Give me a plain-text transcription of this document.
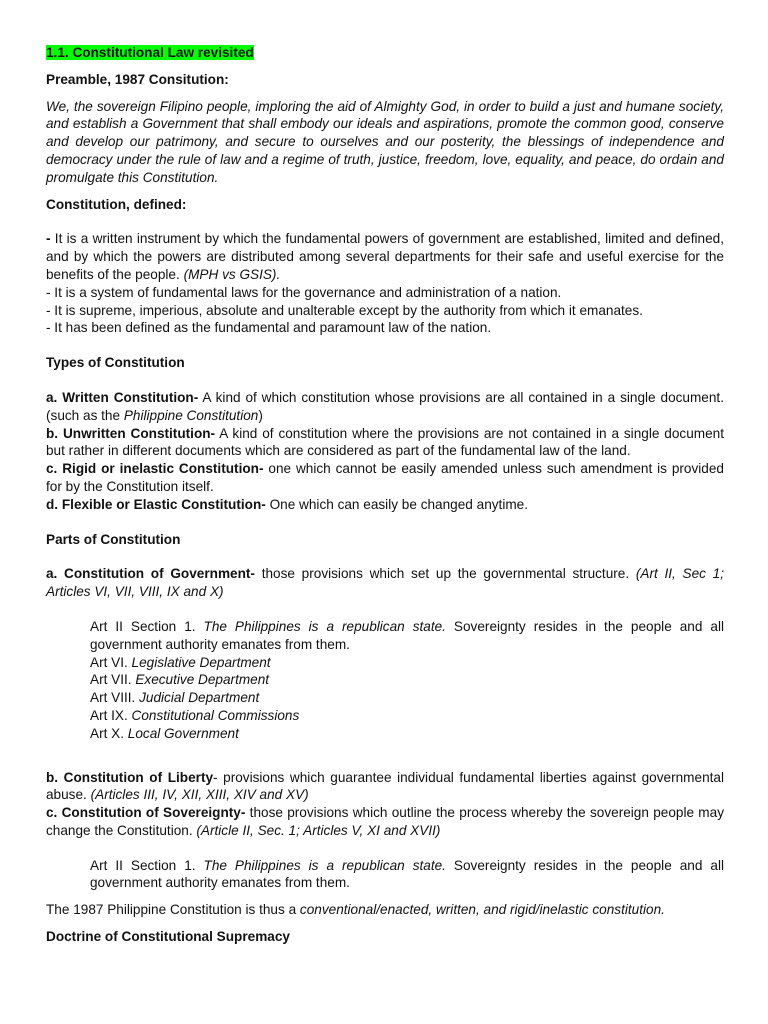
1.1. Constitutional Law revisited

Preamble, 1987 Consitution:

We, the sovereign Filipino people, imploring the aid of Almighty God, in order to build a just and humane society, and establish a Government that shall embody our ideals and aspirations, promote the common good, conserve and develop our patrimony, and secure to ourselves and our posterity, the blessings of independence and democracy under the rule of law and a regime of truth, justice, freedom, love, equality, and peace, do ordain and promulgate this Constitution.

Constitution, defined:

- It is a written instrument by which the fundamental powers of government are established, limited and defined, and by which the powers are distributed among several departments for their safe and useful exercise for the benefits of the people. (MPH vs GSIS).

- It is a system of fundamental laws for the governance and administration of a nation.

- It is supreme, imperious, absolute and unalterable except by the authority from which it emanates.

- It has been defined as the fundamental and paramount law of the nation.

Types of Constitution

a. Written Constitution- A kind of which constitution whose provisions are all contained in a single document. (such as the Philippine Constitution)

b. Unwritten Constitution- A kind of constitution where the provisions are not contained in a single document but rather in different documents which are considered as part of the fundamental law of the land.

c. Rigid or inelastic Constitution- one which cannot be easily amended unless such amendment is provided for by the Constitution itself.

d. Flexible or Elastic Constitution- One which can easily be changed anytime.

Parts of Constitution

a. Constitution of Government- those provisions which set up the governmental structure. (Art II, Sec 1; Articles VI, VII, VIII, IX and X)

Art II Section 1. The Philippines is a republican state. Sovereignty resides in the people and all government authority emanates from them.

Art VI. Legislative Department

Art VII. Executive Department

Art VIII. Judicial Department

Art IX. Constitutional Commissions

Art X. Local Government

b. Constitution of Liberty- provisions which guarantee individual fundamental liberties against governmental abuse. (Articles III, IV, XII, XIII, XIV and XV)

c. Constitution of Sovereignty- those provisions which outline the process whereby the sovereign people may change the Constitution. (Article II, Sec. 1; Articles V, XI and XVII)

Art II Section 1. The Philippines is a republican state. Sovereignty resides in the people and all government authority emanates from them.

The 1987 Philippine Constitution is thus a conventional/enacted, written, and rigid/inelastic constitution.

Doctrine of Constitutional Supremacy
